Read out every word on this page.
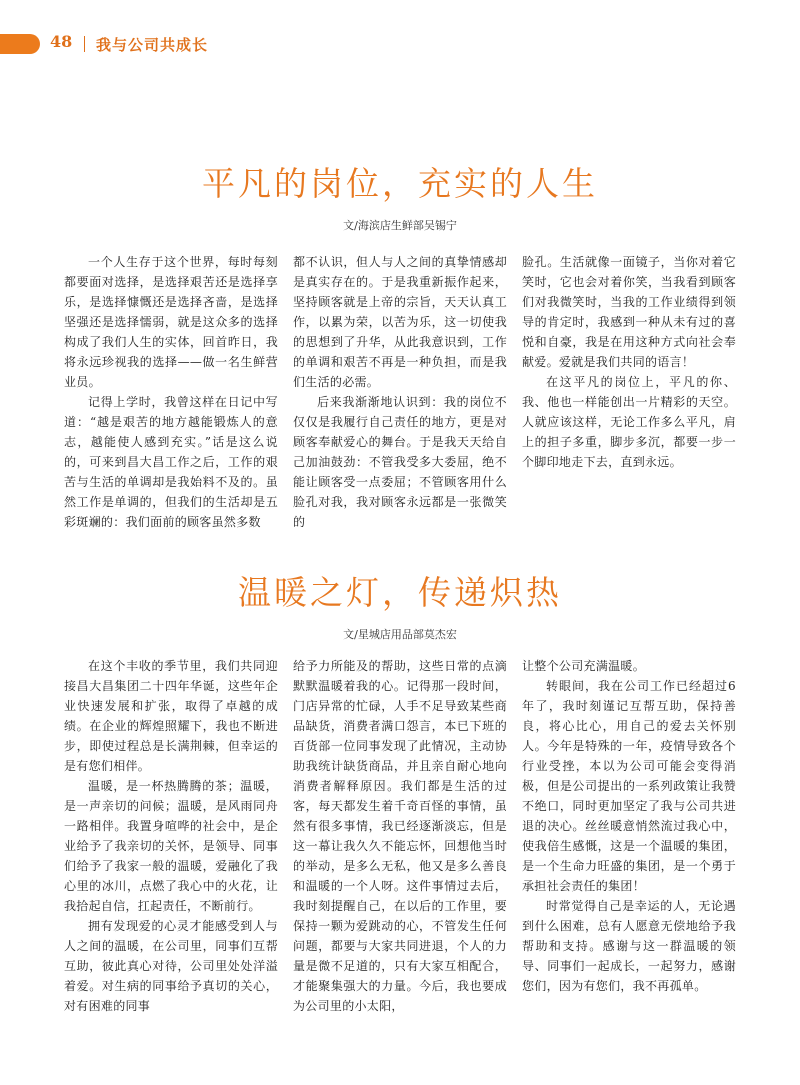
48 我与公司共成长
平凡的岗位，充实的人生
文/海滨店生鲜部吴锡宁

一个人生存于这个世界，每时每刻都要面对选择，是选择艰苦还是选择享乐，是选择慷慨还是选择吝啬，是选择坚强还是选择懦弱，就是这众多的选择构成了我们人生的实体，回首昨日，我将永远珍视我的选择——做一名生鲜营业员。

记得上学时，我曾这样在日记中写道：“越是艰苦的地方越能锻炼人的意志，越能使人感到充实。”话是这么说的，可来到昌大昌工作之后，工作的艰苦与生活的单调却是我始料不及的。虽然工作是单调的，但我们的生活却是五彩斑斓的：我们面前的顾客虽然多数

都不认识，但人与人之间的真挚情感却是真实存在的。于是我重新振作起来，坚持顾客就是上帝的宗旨，天天认真工作，以累为荣，以苦为乐，这一切使我的思想到了升华，从此我意识到，工作的单调和艰苦不再是一种负担，而是我们生活的必需。

后来我渐渐地认识到：我的岗位不仅仅是我履行自己责任的地方，更是对顾客奉献爱心的舞台。于是我天天给自己加油鼓劲：不管我受多大委屈，绝不能让顾客受一点委屈；不管顾客用什么脸孔对我，我对顾客永远都是一张微笑的

脸孔。生活就像一面镜子，当你对着它笑时，它也会对着你笑，当我看到顾客们对我微笑时，当我的工作业绩得到领导的肯定时，我感到一种从未有过的喜悦和自豪，我是在用这种方式向社会奉献爱。爱就是我们共同的语言！

在这平凡的岗位上，平凡的你、我、他也一样能创出一片精彩的天空。人就应该这样，无论工作多么平凡，肩上的担子多重，脚步多沉，都要一步一个脚印地走下去，直到永远。

温暖之灯，传递炽热
文/星城店用品部莫杰宏

在这个丰收的季节里，我们共同迎接昌大昌集团二十四年华诞，这些年企业快速发展和扩张，取得了卓越的成绩。在企业的辉煌照耀下，我也不断进步，即使过程总是长满荆棘，但幸运的是有您们相伴。

温暖，是一杯热腾腾的茶；温暖，是一声亲切的问候；温暖，是风雨同舟一路相伴。我置身喧哗的社会中，是企业给予了我亲切的关怀，是领导、同事们给予了我家一般的温暖，爱融化了我心里的冰川，点燃了我心中的火花，让我拾起自信，扛起责任，不断前行。

拥有发现爱的心灵才能感受到人与人之间的温暖，在公司里，同事们互帮互助，彼此真心对待，公司里处处洋溢着爱。对生病的同事给予真切的关心，对有困难的同事

给予力所能及的帮助，这些日常的点滴默默温暖着我的心。记得那一段时间，门店异常的忙碌，人手不足导致某些商品缺货，消费者满口怨言，本已下班的百货部一位同事发现了此情况，主动协助我统计缺货商品，并且亲自耐心地向消费者解释原因。我们都是生活的过客，每天都发生着千奇百怪的事情，虽然有很多事情，我已经逐渐淡忘，但是这一幕让我久久不能忘怀，回想他当时的举动，是多么无私，他又是多么善良和温暖的一个人呀。这件事情过去后，我时刻提醒自己，在以后的工作里，要保持一颗为爱跳动的心，不管发生任何问题，都要与大家共同进退，个人的力量是微不足道的，只有大家互相配合，才能聚集强大的力量。今后，我也要成为公司里的小太阳，

让整个公司充满温暖。

转眼间，我在公司工作已经超过6年了，我时刻谨记互帮互助，保持善良，将心比心，用自己的爱去关怀别人。今年是特殊的一年，疫情导致各个行业受挫，本以为公司可能会变得消极，但是公司提出的一系列政策让我赞不绝口，同时更加坚定了我与公司共进退的决心。丝丝暖意悄然流过我心中，使我倍生感慨，这是一个温暖的集团，是一个生命力旺盛的集团，是一个勇于承担社会责任的集团！

时常觉得自己是幸运的人，无论遇到什么困难，总有人愿意无偿地给予我帮助和支持。感谢与这一群温暖的领导、同事们一起成长，一起努力，感谢您们，因为有您们，我不再孤单。
